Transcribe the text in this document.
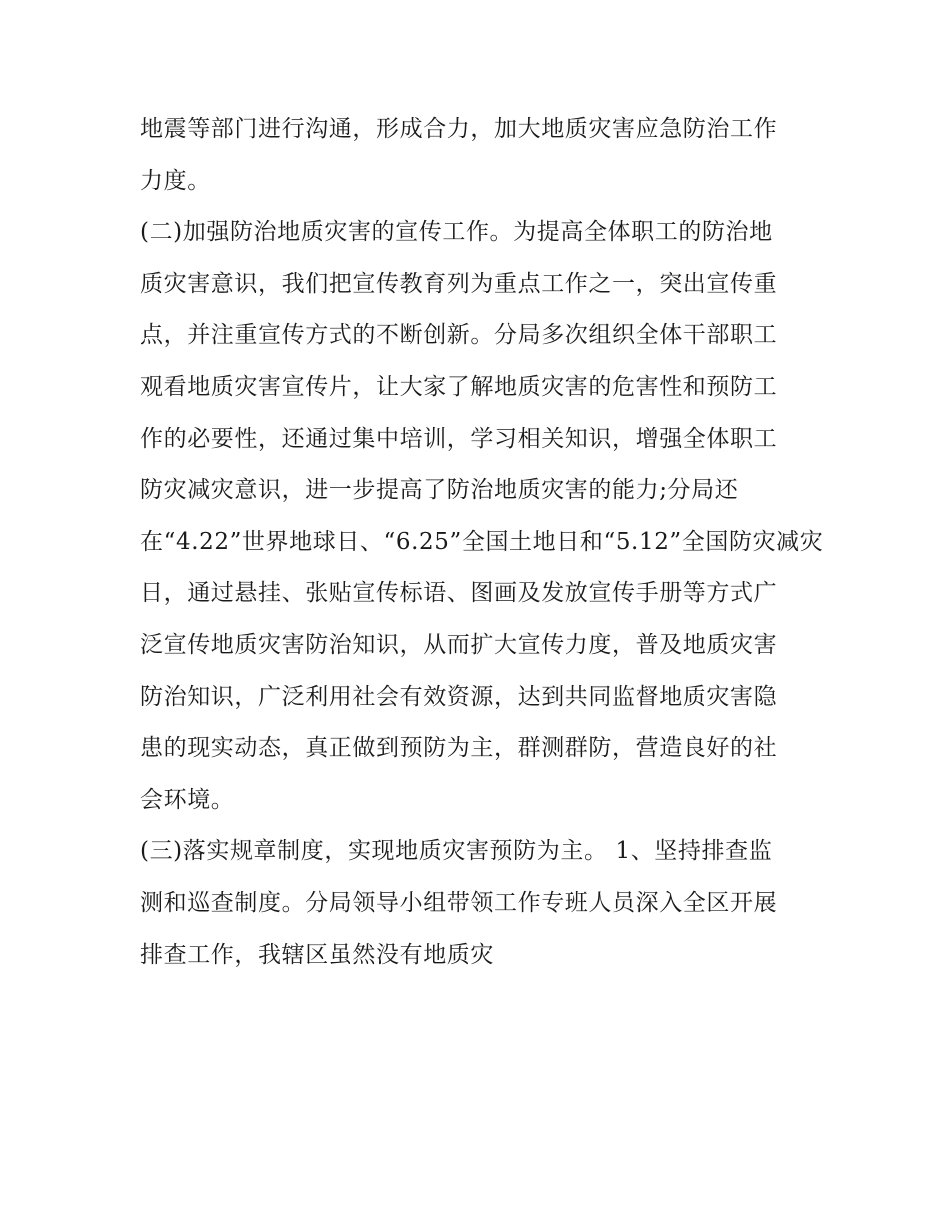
地震等部门进行沟通，形成合力，加大地质灾害应急防治工作
力度。
(二)加强防治地质灾害的宣传工作。为提高全体职工的防治地
质灾害意识，我们把宣传教育列为重点工作之一，突出宣传重
点，并注重宣传方式的不断创新。分局多次组织全体干部职工
观看地质灾害宣传片，让大家了解地质灾害的危害性和预防工
作的必要性，还通过集中培训，学习相关知识，增强全体职工
防灾减灾意识，进一步提高了防治地质灾害的能力;分局还
在“4.22”世界地球日、“6.25”全国土地日和“5.12”全国防灾减灾
日，通过悬挂、张贴宣传标语、图画及发放宣传手册等方式广
泛宣传地质灾害防治知识，从而扩大宣传力度，普及地质灾害
防治知识，广泛利用社会有效资源，达到共同监督地质灾害隐
患的现实动态，真正做到预防为主，群测群防，营造良好的社
会环境。
(三)落实规章制度，实现地质灾害预防为主。 1、坚持排查监
测和巡查制度。分局领导小组带领工作专班人员深入全区开展
排查工作，我辖区虽然没有地质灾
